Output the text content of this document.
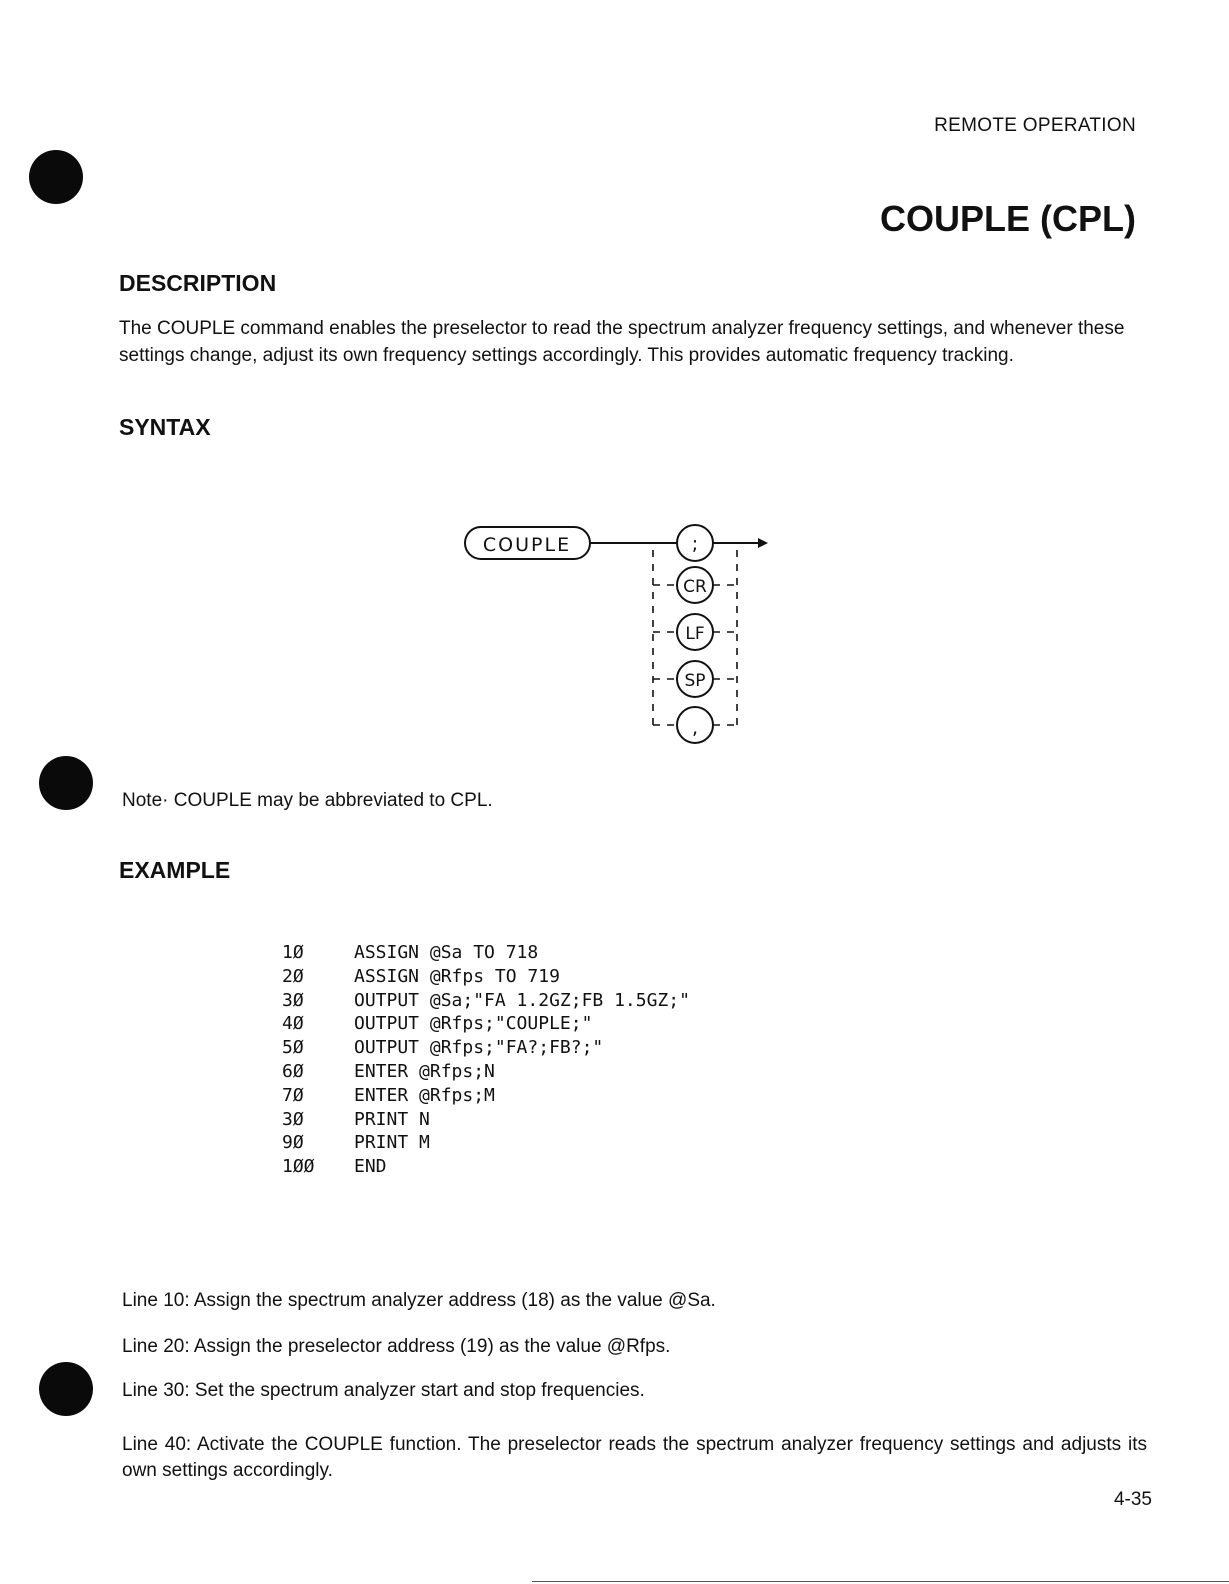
REMOTE OPERATION
COUPLE (CPL)
DESCRIPTION

The COUPLE command enables the preselector to read the spectrum analyzer frequency settings, and whenever these settings change, adjust its own frequency settings accordingly. This provides automatic frequency tracking.

SYNTAX
COUPLE	;
CR
LF
SP
,

Note· COUPLE may be abbreviated to CPL.

EXAMPLE
1Ø	ASSIGN @Sa TO 718
2Ø	ASSIGN @Rfps TO 719
3Ø	OUTPUT @Sa;"FA 1.2GZ;FB 1.5GZ;"
4Ø	OUTPUT @Rfps;"COUPLE;"
5Ø	OUTPUT @Rfps;"FA?;FB?;"
6Ø	ENTER @Rfps;N
7Ø	ENTER @Rfps;M
3Ø	PRINT N
9Ø	PRINT M
1ØØ	END

Line 10: Assign the spectrum analyzer address (18) as the value @Sa.

Line 20: Assign the preselector address (19) as the value @Rfps.

Line 30: Set the spectrum analyzer start and stop frequencies.

Line 40: Activate the COUPLE function. The preselector reads the spectrum analyzer frequency settings and adjusts its own settings accordingly.

4-35
